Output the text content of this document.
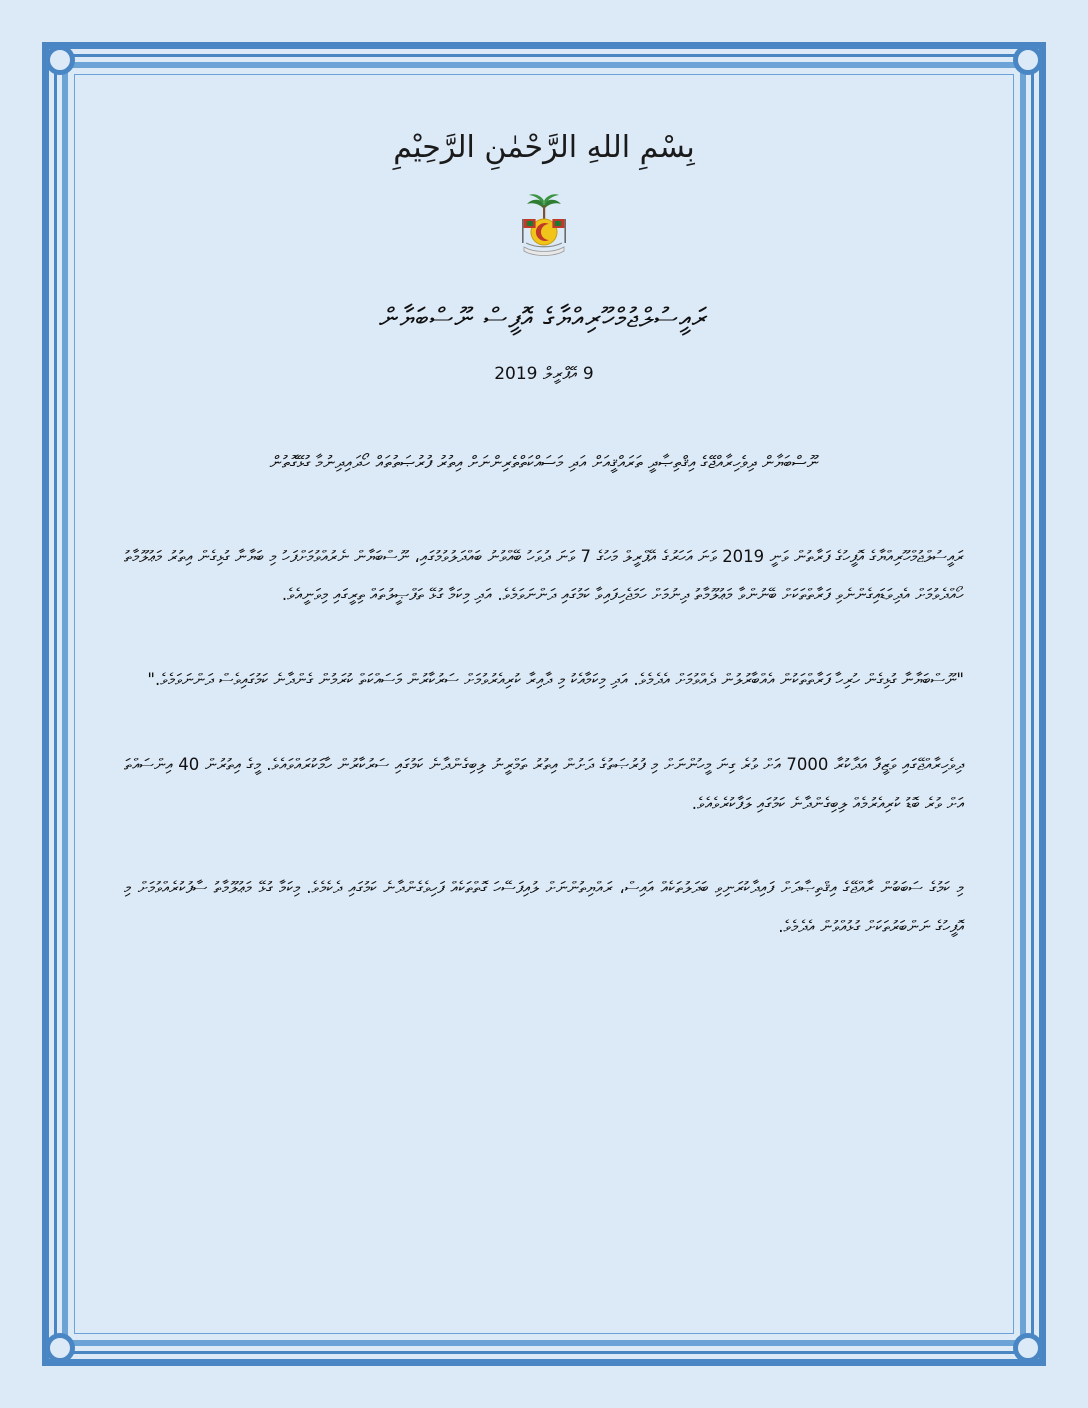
بِسْمِ اللهِ الرَّحْمٰنِ الرَّحِيْمِ
ރައީސުލްޖުމްހޫރިއްޔާގެ އޮފީސް ނޫސްބަޔާން
9 އޭޕްރީލް 2019
ނޫސްބަޔާން ދިވެހިރާއްޖޭގެ އިޤްތިޞާދީ ތަރައްޤީއަށް އަދި މަސައްކަތްތެރިންނަށް އިތުރު ފުރުޞަތުތައް ހޯދައިދިނުމާ ގުޅޭގޮތުން
ރައީސުލްޖުމްހޫރިއްޔާގެ އޮފީހުގެ ފަރާތުން ވަނީ 2019 ވަނަ އަހަރުގެ އޭޕްރީލް މަހުގެ 7 ވަނަ ދުވަހު ބޭއްވުނު ބައްދަލުވުމުގައި، ނޫސްބަޔާން ނެރުއްވުމަށްފަހު މި ބަޔާނާ ގުޅިގެން އިތުރު މަޢުލޫމާތު ހޯއްދެވުމަށް އެދިވަޑައިގެންނެވި ފަރާތްތަކަށް ބޭނުންވާ މަޢުލޫމާތު ދިނުމަށް ހަމަޖެހިފައިވާ ކަމުގައި ދަންނަވަމެވެ. އަދި މިކަމާ ގުޅޭ ތަފްޞީލުތައް ތިރީގައި މިވަނީއެވެ.
"ނޫސްބަޔާނާ ގުޅިގެން ހުރިހާ ފަރާތްތަކުން އެއްބާރުލުން ދެއްވުމަށް އެދެމެވެ. އަދި މިކަމާއެކު މި ދާއިރާ ކުރިއެރުވުމަށް ސަރުކާރުން މަސައްކަތް ކުރަމުން ގެންދާނެ ކަމުގައިވެސް ދަންނަވަމެވެ."
ދިވެހިރާއްޖޭގައި ވަޒީފާ އަދާކުރާ 7000 އަށް ވުރެ ގިނަ މީހުންނަށް މި ފުރުޞަތުގެ ދަށުން އިތުރު ތަމްރީނު ލިބިގެންދާނެ ކަމުގައި ސަރުކާރުން ހާމަކުރައްވައެވެ. މީގެ އިތުރުން 40 އިންސައްތަ އަށް ވުރެ ބޮޑު ކުރިއެރުމެއް ލިބިގެންދާނެ ކަމުގައި ލަފާކުރެވެއެވެ.
މި ކަމުގެ ސަބަބުން ރާއްޖޭގެ އިޤްތިޞާދަށް ފައިދާކުރަނިވި ބަދަލުތަކެއް އައިސް، ރައްޔިތުންނަށް ލުއިފަސޭހަ ގޮތްތަކެއް ފަހިވެގެންދާނެ ކަމުގައި ދެކެމެވެ. މިކަމާ ގުޅޭ މަޢުލޫމާތު ސާފުކުރެއްވުމަށް މި އޮފީހުގެ ނަންބަރުތަކަށް ގުޅުއްވުން އެދެމެވެ.
